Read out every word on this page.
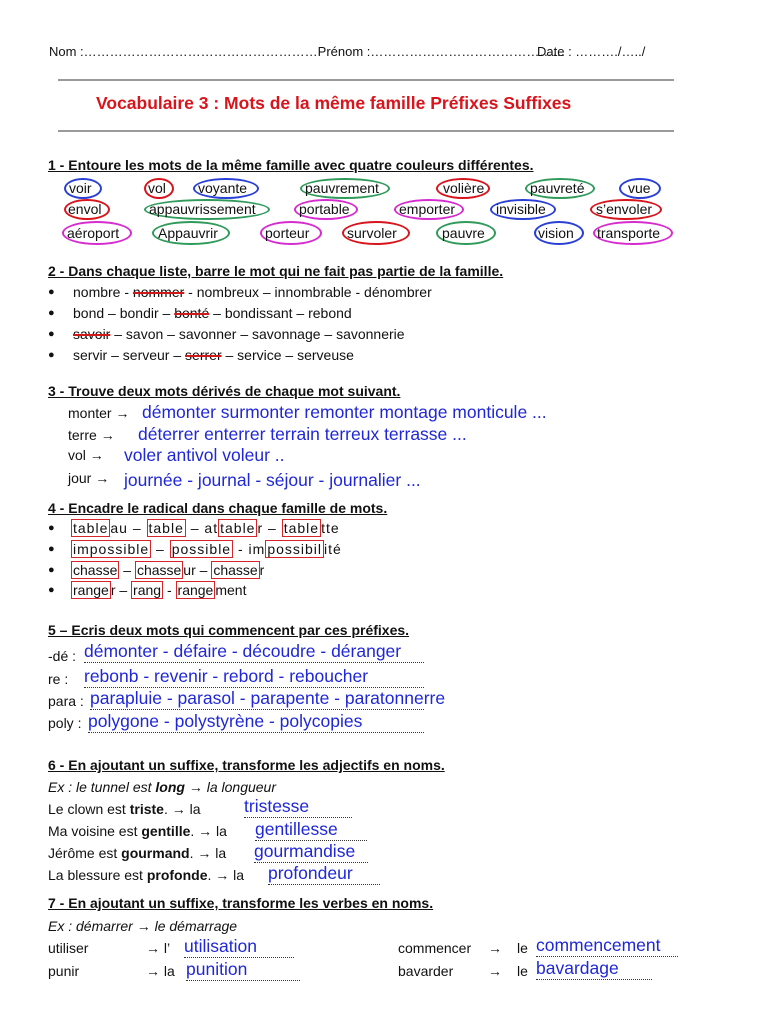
Nom :………………………………………………Prénom :………………………………………
Date : ………./…../
Vocabulaire 3 : Mots de la même famille Préfixes Suffixes
1 - Entoure les mots de la même famille avec quatre couleurs différentes.
voir	vol voyante	pauvrement	volière	pauvreté	vue
envol	appauvrissement	portable	emporter	invisible	s’envoler
aéroport	Appauvrir	porteur	survoler	pauvre	vision transporte
2 - Dans chaque liste, barre le mot qui ne fait pas partie de la famille.
● nombre - nommer - nombreux – innombrable - dénombrer
● bond – bondir – bonté – bondissant – rebond
● savoir – savon – savonner – savonnage – savonnerie
● servir – serveur – serrer – service – serveuse
3 - Trouve deux mots dérivés de chaque mot suivant.
monter → démonter surmonter remonter montage monticule ...
terre → déterrer enterrer terrain terreux terrasse ...
vol → voler antivol voleur ..
jour → journée - journal - séjour - journalier ...
4 - Encadre le radical dans chaque famille de mots.
● table au – table – at table r – table tte
● impossible – possible - im possibil ité
● chasse – chasse ur – chasse r
● range r – rang - range ment
5 – Ecris deux mots qui commencent par ces préfixes.
-dé : démonter - défaire - découdre - déranger
re : rebonb - revenir - rebord - reboucher
para : parapluie - parasol - parapente - paratonnerre
poly : polygone - polystyrène - polycopies
6 - En ajoutant un suffixe, transforme les adjectifs en noms.
Ex : le tunnel est long → la longueur
Le clown est triste. → la tristesse
Ma voisine est gentille. → la gentillesse
Jérôme est gourmand. → la gourmandise
La blessure est profonde. → la profondeur
7 - En ajoutant un suffixe, transforme les verbes en noms.
Ex : démarrer → le démarrage
utiliser	→ l’ utilisation	commencer → le commencement
punir	→ la punition	bavarder → le bavardage
